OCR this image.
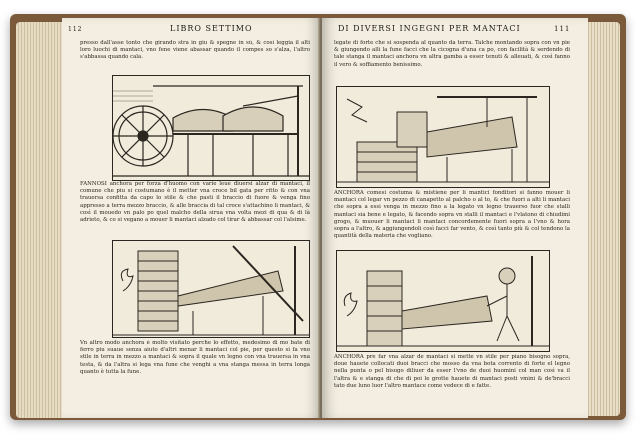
LIBRO SETTIMO
112

presso dall'asse tonto che girando stra in giu & spegne in sù, & così leggia il alti loro luochi di mantaci, vno fene viene abassar quando il compes so s'alza, l'altro s'abbassa quando cala.

FANNOSI anchora per forza d'huomo con varie leue diuersi alzar di mantaci, il comune che piu si costumano è il metter vna croce bil gata per ritto & con vna trauersa confitta da capo lo stile & che pasti il braccio di fuore & venga fino appresso a terra mezzo braccio, & alle braccia di tal croce s'attachino li mantaci, & così il mouedo vn palo po quel malcho della sirua vna volta mezi di qua & di là adrieto, & co si vegano a mouer li mantaci alzado col tirar & abbassar col l'alsime.

Vn altro modo anchora è molto visitato perche lo effetto, medesimo di mo bate di ferro piu suaue senza aiuto d'altri menar li mantaci col pie, per questo si fa vno stile in terra in mezzo a mantaci & sopra il quale vn legno con vna trauersa in vna testa, & da l'altra si lega vna fune che venghi a vna stanga messa in terra longa quanto è tutta la fune.

DI DIVERSI INGEGNI PER MANTACI	111

legate di forte che si sospenda al quanto da terra. Talche montando sopra con vn pie & giungendo alli la fune facci che la cicogna d'una ca po, con facilità & serdendo di tale stanga il mantaci anchora vn altra gamba a esser tenuti & alleuati, & così fanno il vero & soffiamento benissimo.

ANCHORA comesi costuma & mistiene per li mantici fonditori si fanno mouer li mantaci col legar vn pezzo di canapetto al palcho o al to, & che fuori a alti li mantaci che sopra a essi venga in mezzo fino a la legato vn legno trauerso fuor che stalli mantaci sia bene e legato, & facendo sopra vn stalli il mantaci e l'vlatono di chiudimi grogo, & muouer li mantaci li mantaci concordemente fuori sopra a l'vno & hora sopra a l'altro, & aggiungendoli così facci far vento, & così tanto più & col tendono la quantità della materia che vogliano.

ANCHORA pre far vna alzar de mantaci si mette vn stile per piano bisogno sopra, doue hauete collocati duoi bracci che mosso da vna bota corrento di forte el legno nella punta o pel bisogo diliuer da esser l'vno de duoi huomini col man così va il l'altra & e stanga di che di poi le grotte hauete di mantaci posti vmini & de'bracci tato due luno luor l'altro mantace come vedece di e fatte.
